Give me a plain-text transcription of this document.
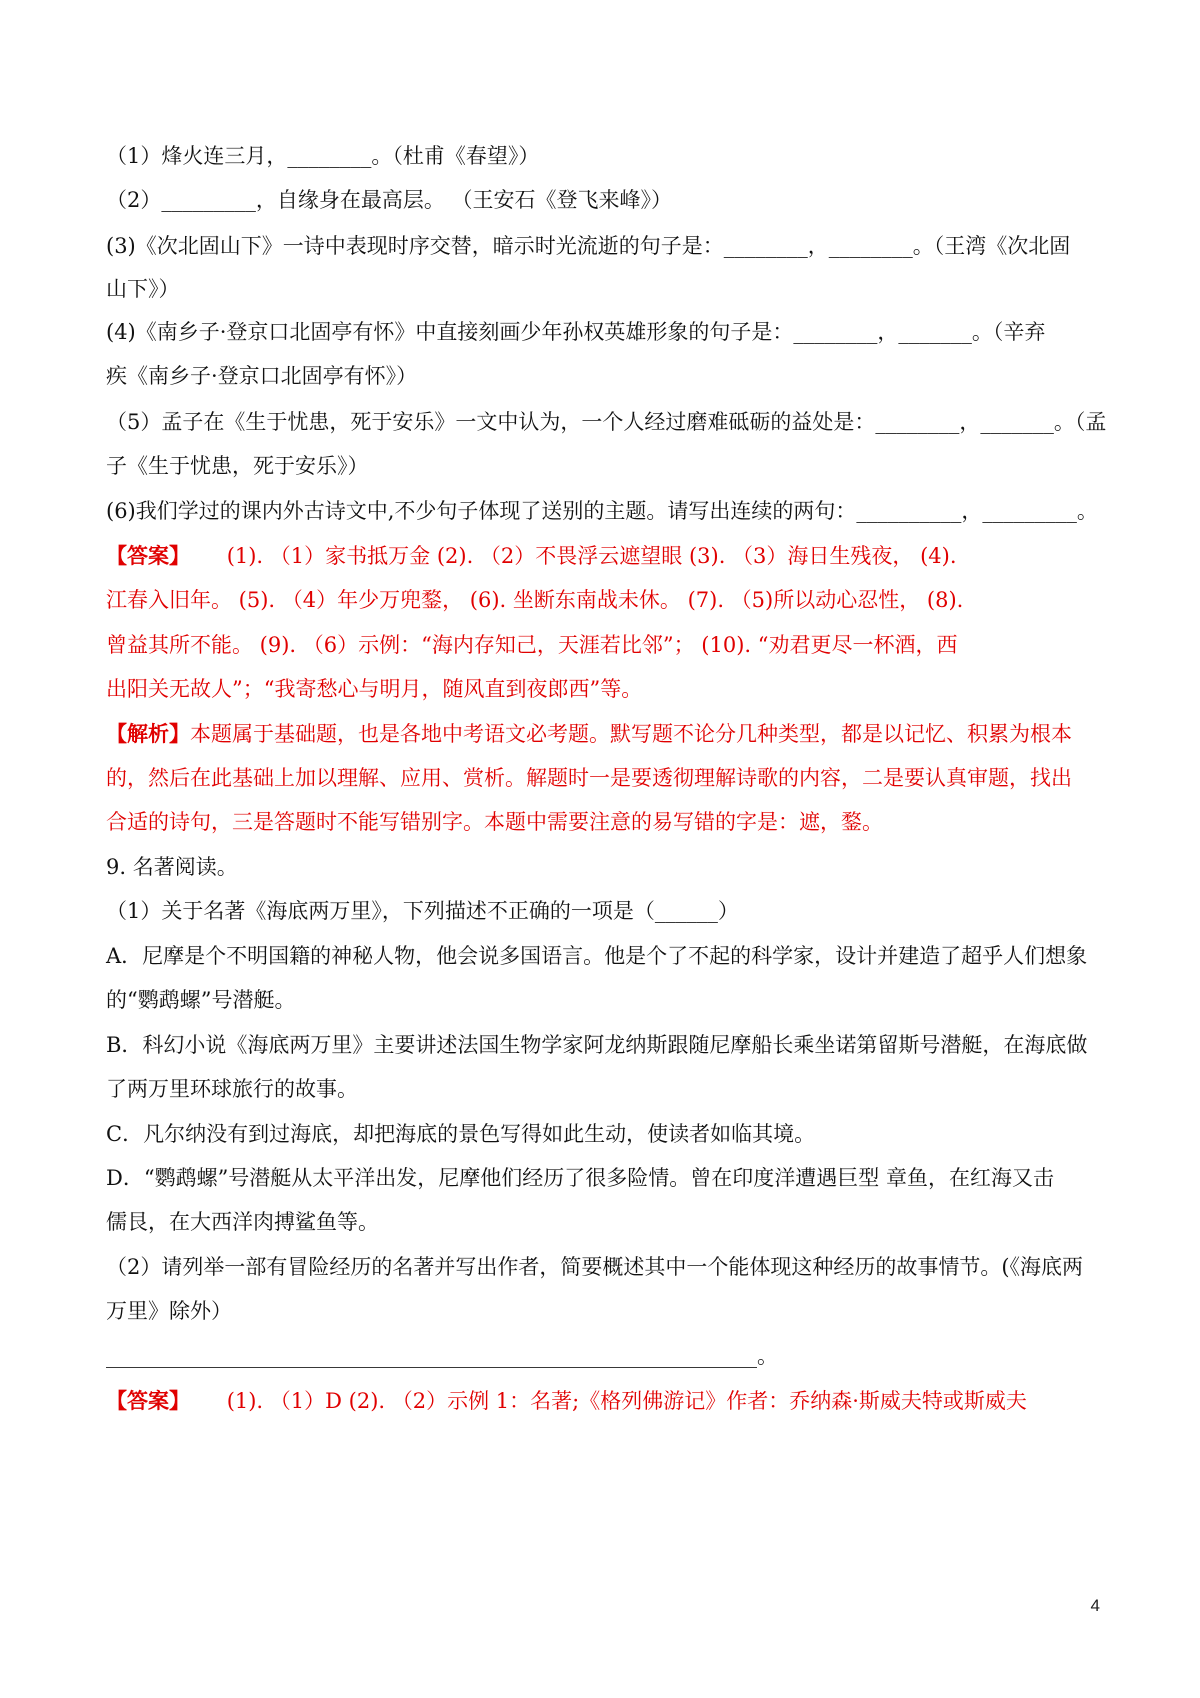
（1）烽火连三月，________。（杜甫《春望》）
（2）_________，自缘身在最高层。 （王安石《登飞来峰》）
(3)《次北固山下》一诗中表现时序交替，暗示时光流逝的句子是：________，________。（王湾《次北固
山下》）
(4)《南乡子·登京口北固亭有怀》中直接刻画少年孙权英雄形象的句子是：________，_______。（辛弃
疾《南乡子·登京口北固亭有怀》）
（5）孟子在《生于忧患，死于安乐》一文中认为，一个人经过磨难砥砺的益处是：________，_______。（孟
子《生于忧患，死于安乐》）
(6)我们学过的课内外古诗文中,不少句子体现了送别的主题。请写出连续的两句：__________，_________。
【答案】 (1). （1）家书抵万金 (2). （2）不畏浮云遮望眼 (3). （3）海日生残夜， (4).
江春入旧年。 (5). （4）年少万兜鍪， (6). 坐断东南战未休。 (7). （5)所以动心忍性， (8).
曾益其所不能。 (9). （6）示例：“海内存知己，天涯若比邻”； (10). “劝君更尽一杯酒，西
出阳关无故人”；“我寄愁心与明月，随风直到夜郎西”等。
【解析】本题属于基础题，也是各地中考语文必考题。默写题不论分几种类型，都是以记忆、积累为根本
的，然后在此基础上加以理解、应用、赏析。解题时一是要透彻理解诗歌的内容，二是要认真审题，找出
合适的诗句，三是答题时不能写错别字。本题中需要注意的易写错的字是：遮，鍪。
9. 名著阅读。
（1）关于名著《海底两万里》，下列描述不正确的一项是（______）
A．尼摩是个不明国籍的神秘人物，他会说多国语言。他是个了不起的科学家，设计并建造了超乎人们想象
的“鹦鹉螺”号潜艇。
B．科幻小说《海底两万里》主要讲述法国生物学家阿龙纳斯跟随尼摩船长乘坐诺第留斯号潜艇，在海底做
了两万里环球旅行的故事。
C．凡尔纳没有到过海底，却把海底的景色写得如此生动，使读者如临其境。
D．“鹦鹉螺”号潜艇从太平洋出发，尼摩他们经历了很多险情。曾在印度洋遭遇巨型 章鱼，在红海又击
儒艮，在大西洋肉搏鲨鱼等。
（2）请列举一部有冒险经历的名著并写出作者，简要概述其中一个能体现这种经历的故事情节。(《海底两
万里》除外）
______________________________________________________________。
【答案】 (1). （1）D (2). （2）示例 1：名著;《格列佛游记》作者：乔纳森·斯威夫特或斯威夫
4
